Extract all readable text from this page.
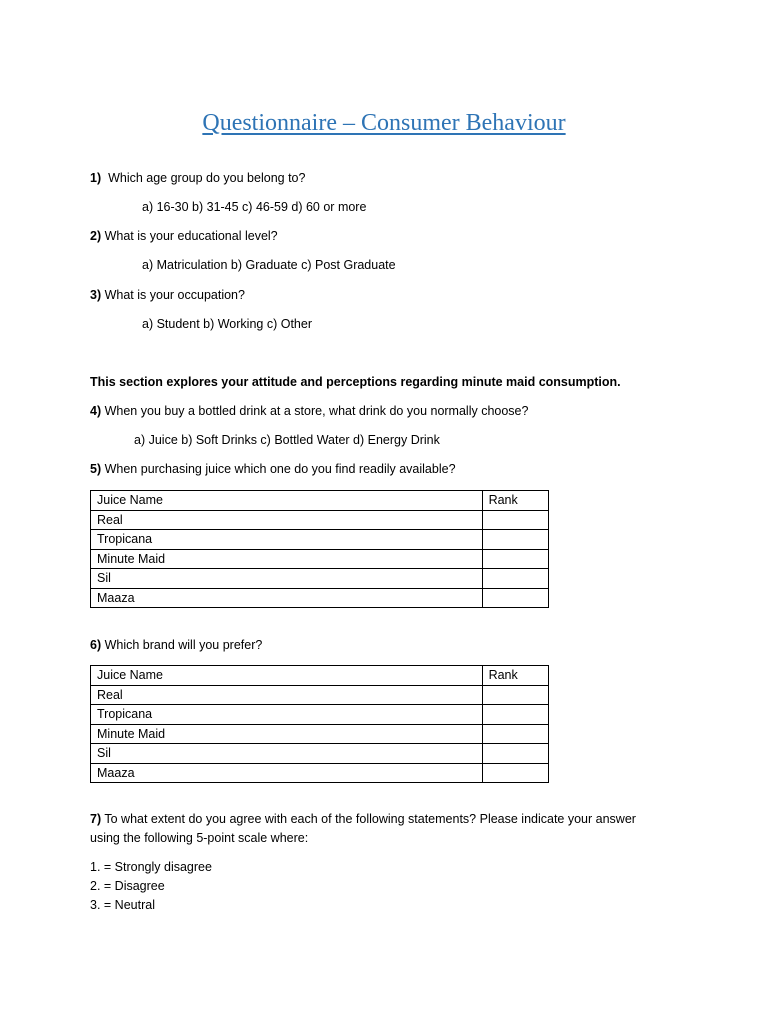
Questionnaire – Consumer Behaviour
1) Which age group do you belong to?
a) 16-30 b) 31-45 c) 46-59 d) 60 or more
2) What is your educational level?
a) Matriculation b) Graduate c) Post Graduate
3) What is your occupation?
a) Student b) Working c) Other
This section explores your attitude and perceptions regarding minute maid consumption.
4) When you buy a bottled drink at a store, what drink do you normally choose?
a) Juice b) Soft Drinks c) Bottled Water d) Energy Drink
5) When purchasing juice which one do you find readily available?
Juice Name	Rank
Real	
Tropicana	
Minute Maid	
Sil	
Maaza	
6) Which brand will you prefer?
Juice Name	Rank
Real	
Tropicana	
Minute Maid	
Sil	
Maaza	
7) To what extent do you agree with each of the following statements? Please indicate your answer
using the following 5-point scale where:
1. = Strongly disagree
2. = Disagree
3. = Neutral
